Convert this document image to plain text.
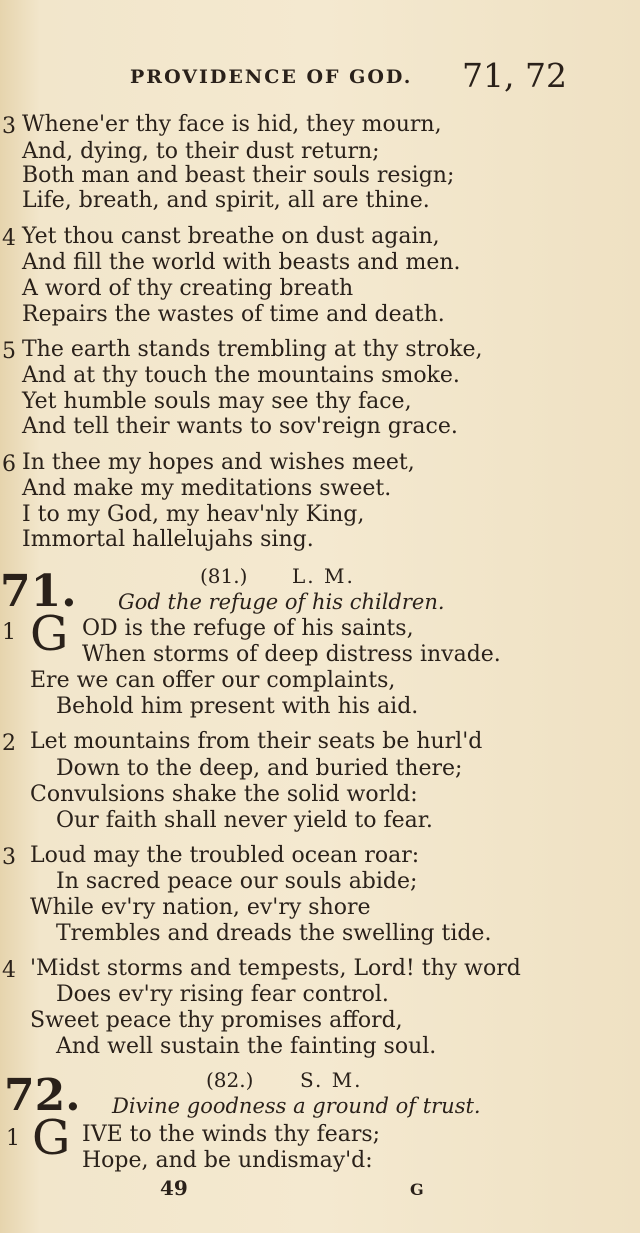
PROVIDENCE OF GOD. 71, 72
3 Whene'er thy face is hid, they mourn,
And, dying, to their dust return;
Both man and beast their souls resign;
Life, breath, and spirit, all are thine.
4 Yet thou canst breathe on dust again,
And fill the world with beasts and men.
A word of thy creating breath
Repairs the wastes of time and death.
5 The earth stands trembling at thy stroke,
And at thy touch the mountains smoke.
Yet humble souls may see thy face,
And tell their wants to sov'reign grace.
6 In thee my hopes and wishes meet,
And make my meditations sweet.
I to my God, my heav'nly King,
Immortal hallelujahs sing.
71.	(81.) L. M.
God the refuge of his children.
1 G OD is the refuge of his saints,
When storms of deep distress invade.
Ere we can offer our complaints,
Behold him present with his aid.
2 Let mountains from their seats be hurl'd
Down to the deep, and buried there;
Convulsions shake the solid world:
Our faith shall never yield to fear.
3 Loud may the troubled ocean roar:
In sacred peace our souls abide;
While ev'ry nation, ev'ry shore
Trembles and dreads the swelling tide.
4 'Midst storms and tempests, Lord! thy word
Does ev'ry rising fear control.
Sweet peace thy promises afford,
And well sustain the fainting soul.
72.	(82.) S. M.
Divine goodness a ground of trust.
1 G IVE to the winds thy fears;
Hope, and be undismay'd:
49	G
